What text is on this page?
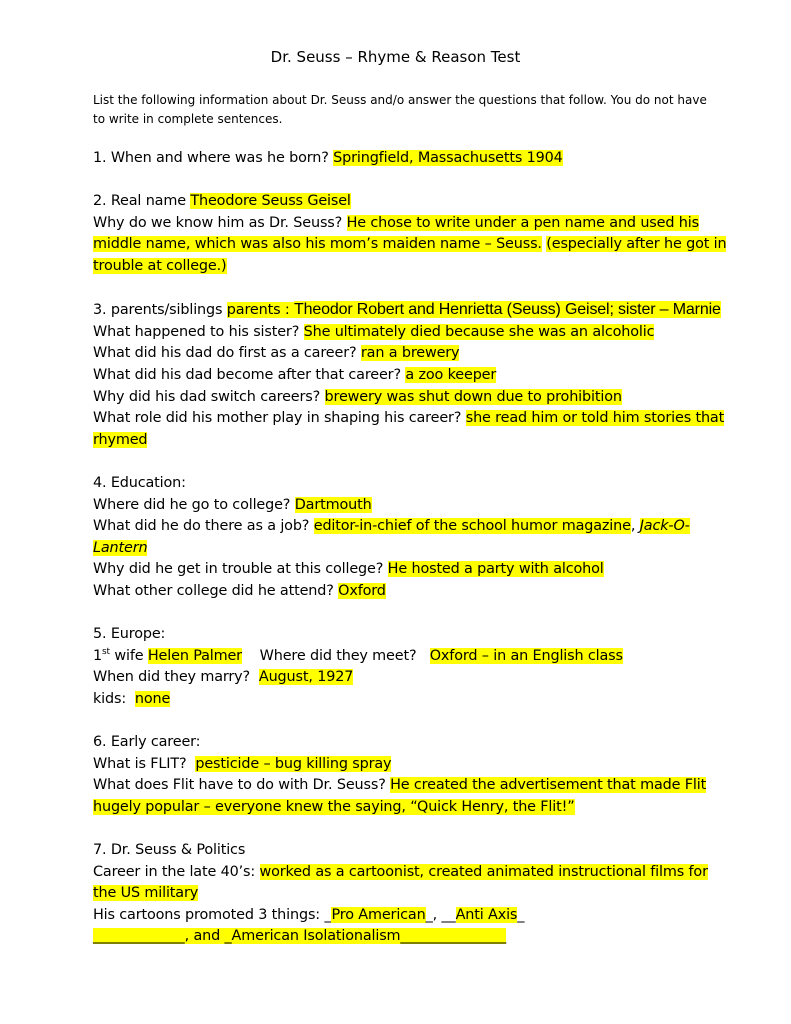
Dr. Seuss – Rhyme & Reason Test
List the following information about Dr. Seuss and/o answer the questions that follow. You do not have to write in complete sentences.

1. When and where was he born? Springfield, Massachusetts 1904

2. Real name Theodore Seuss Geisel

Why do we know him as Dr. Seuss? He chose to write under a pen name and used his middle name, which was also his mom’s maiden name – Seuss. (especially after he got in trouble at college.)

3. parents/siblings parents : Theodor Robert and Henrietta (Seuss) Geisel; sister – Marnie

What happened to his sister? She ultimately died because she was an alcoholic

What did his dad do first as a career? ran a brewery

What did his dad become after that career? a zoo keeper

Why did his dad switch careers? brewery was shut down due to prohibition

What role did his mother play in shaping his career? she read him or told him stories that rhymed

4. Education:

Where did he go to college? Dartmouth

What did he do there as a job? editor-in-chief of the school humor magazine, Jack-O-Lantern

Why did he get in trouble at this college? He hosted a party with alcohol

What other college did he attend? Oxford

5. Europe:

1st wife Helen Palmer Where did they meet? Oxford – in an English class

When did they marry? August, 1927

kids: none

6. Early career:

What is FLIT? pesticide – bug killing spray

What does Flit have to do with Dr. Seuss? He created the advertisement that made Flit hugely popular – everyone knew the saying, “Quick Henry, the Flit!”

7. Dr. Seuss & Politics

Career in the late 40’s: worked as a cartoonist, created animated instructional films for the US military

His cartoons promoted 3 things: _Pro American_, __Anti Axis_

_____________, and _American Isolationalism_______________
